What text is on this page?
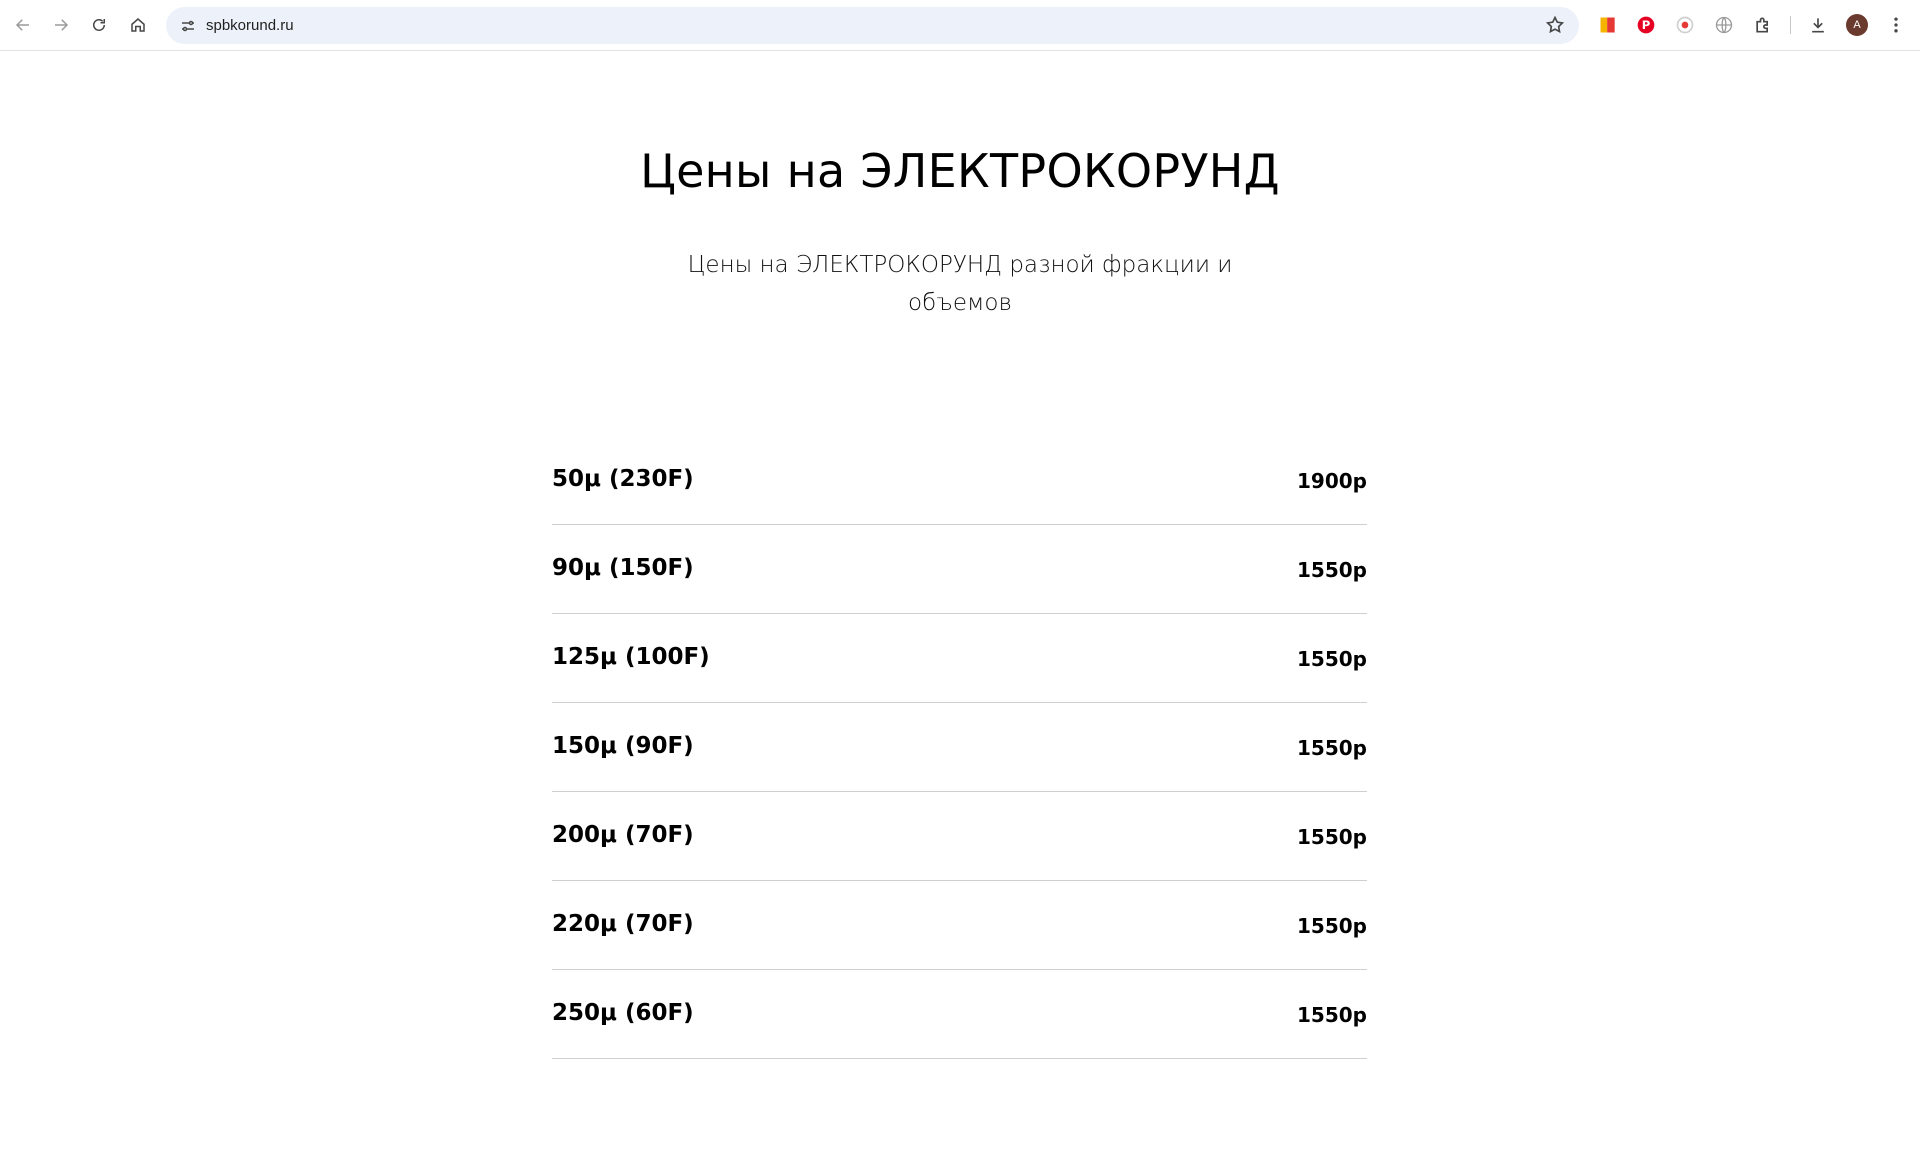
spbkorund.ru	P	A
Цены на ЭЛЕКТРОКОРУНД

Цены на ЭЛЕКТРОКОРУНД разной фракции и объемов

50μ (230F)	1900р
90μ (150F)	1550р
125μ (100F)	1550р
150μ (90F)	1550р
200μ (70F)	1550р
220μ (70F)	1550р
250μ (60F)	1550р
